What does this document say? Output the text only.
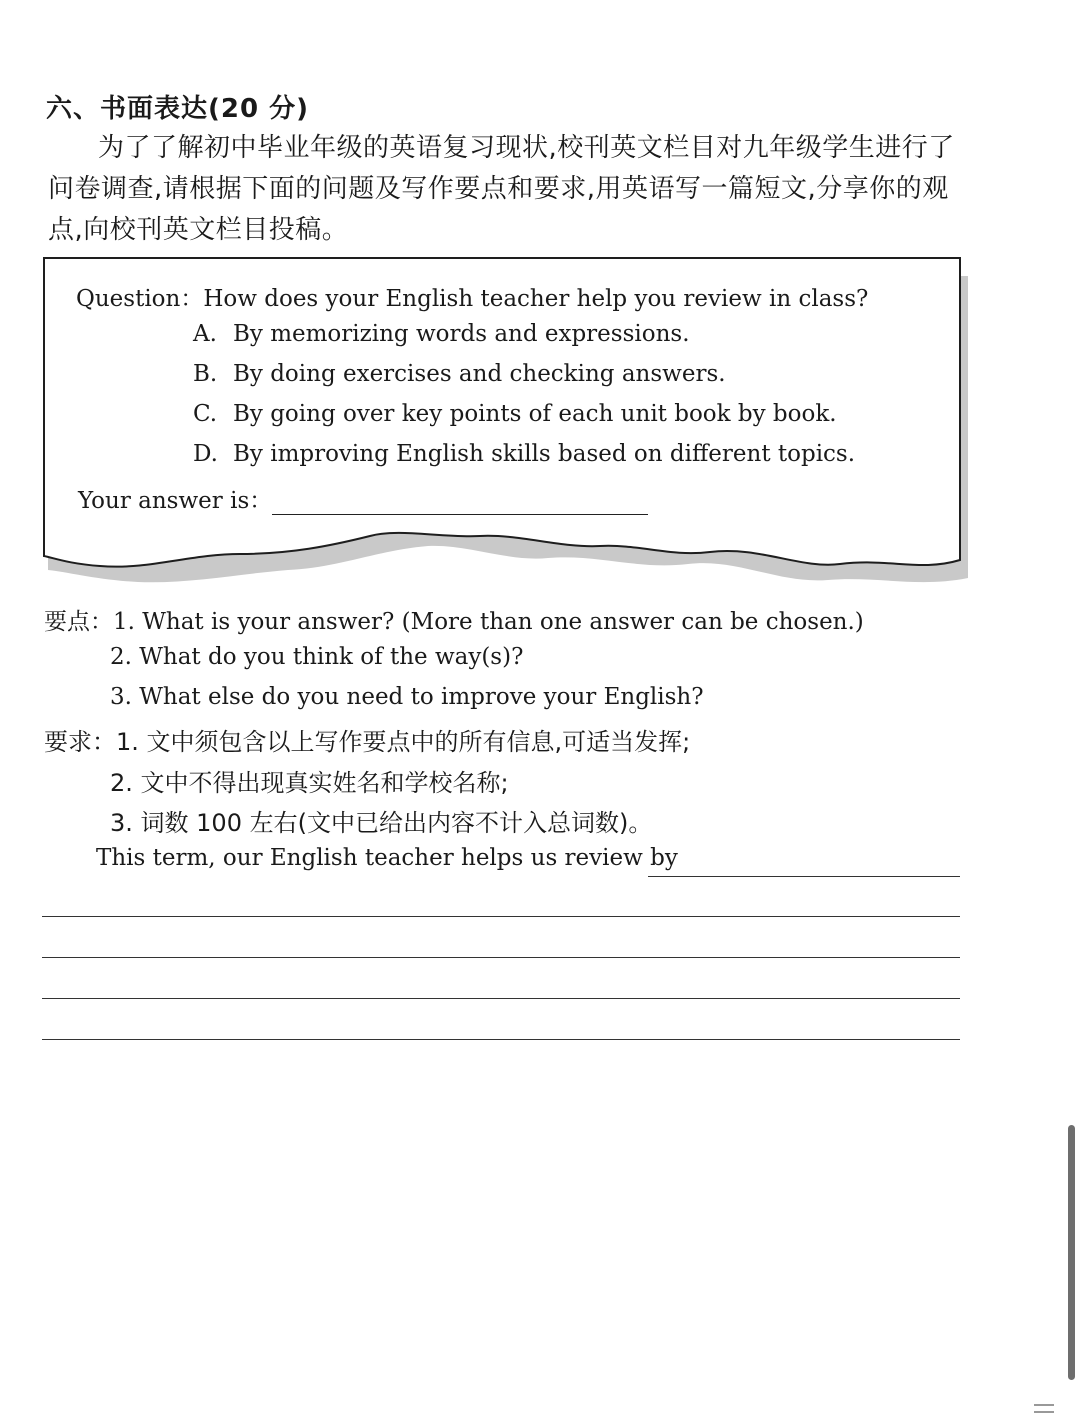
六、书面表达(20 分)
为了了解初中毕业年级的英语复习现状,校刊英文栏目对九年级学生进行了问卷调查,请根据下面的问题及写作要点和要求,用英语写一篇短文,分享你的观点,向校刊英文栏目投稿。
Question：How does your English teacher help you review in class?
A. By memorizing words and expressions.
B. By doing exercises and checking answers.
C. By going over key points of each unit book by book.
D. By improving English skills based on different topics.
Your answer is：
要点：1. What is your answer? (More than one answer can be chosen.)
2. What do you think of the way(s)?
3. What else do you need to improve your English?
要求：1. 文中须包含以上写作要点中的所有信息,可适当发挥;
2. 文中不得出现真实姓名和学校名称;
3. 词数 100 左右(文中已给出内容不计入总词数)。
This term, our English teacher helps us review by
